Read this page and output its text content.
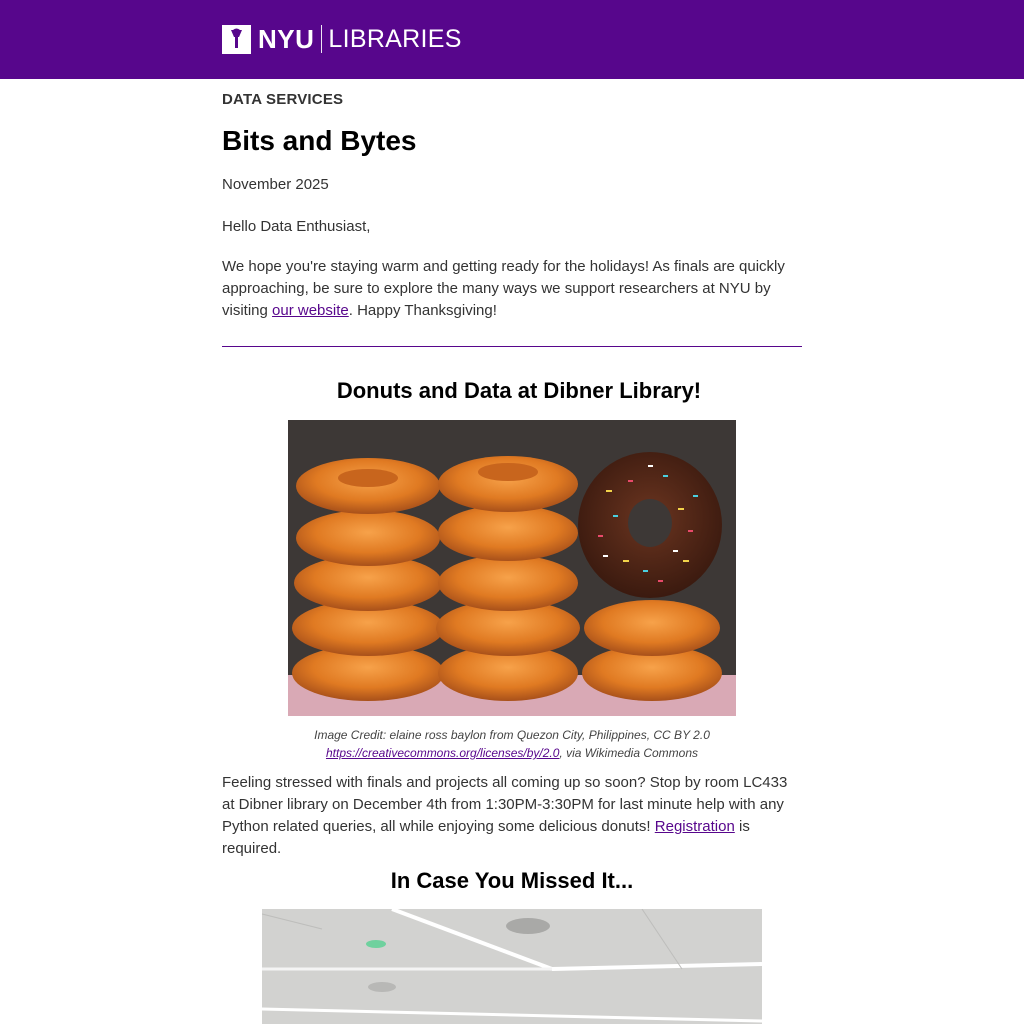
NYU LIBRARIES
DATA SERVICES
Bits and Bytes
November 2025
Hello Data Enthusiast,

We hope you're staying warm and getting ready for the holidays! As finals are quickly approaching, be sure to explore the many ways we support researchers at NYU by visiting our website. Happy Thanksgiving!

Donuts and Data at Dibner Library!
Image Credit: elaine ross baylon from Quezon City, Philippines, CC BY 2.0
https://creativecommons.org/licenses/by/2.0, via Wikimedia Commons

Feeling stressed with finals and projects all coming up so soon? Stop by room LC433 at Dibner library on December 4th from 1:30PM-3:30PM for last minute help with any Python related queries, all while enjoying some delicious donuts! Registration is required.

In Case You Missed It...
